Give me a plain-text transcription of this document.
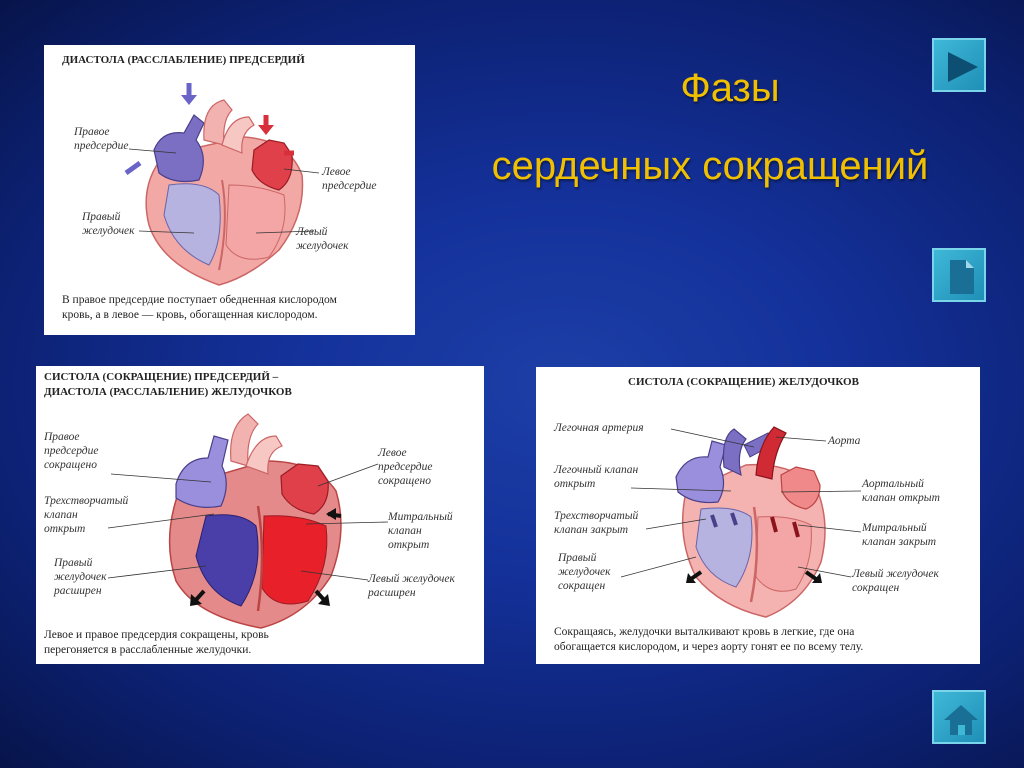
Фазы
сердечных сокращений
ДИАСТОЛА (РАССЛАБЛЕНИЕ) ПРЕДСЕРДИЙ
Правое
предсердие
Левое
предсердие
Правый
желудочек	Левый
желудочек
В правое предсердие поступает обедненная кислородом
кровь, а в левое — кровь, обогащенная кислородом.
СИСТОЛА (СОКРАЩЕНИЕ) ПРЕДСЕРДИЙ –
ДИАСТОЛА (РАССЛАБЛЕНИЕ) ЖЕЛУДОЧКОВ
Правое
предсердие
сокращено
Трехстворчатый
клапан
открыт
Правый
желудочек
расширен
Левое
предсердие
сокращено
Митральный
клапан
открыт
Левый желудочек
расширен
Левое и правое предсердия сокращены, кровь
перегоняется в расслабленные желудочки.
СИСТОЛА (СОКРАЩЕНИЕ) ЖЕЛУДОЧКОВ
Легочная артерия
Легочный клапан
открыт
Трехстворчатый
клапан закрыт
Правый
желудочек
сокращен
Аорта
Аортальный
клапан открыт
Митральный
клапан закрыт
Левый желудочек
сокращен
Сокращаясь, желудочки выталкивают кровь в легкие, где она
обогащается кислородом, и через аорту гонят ее по всему телу.
